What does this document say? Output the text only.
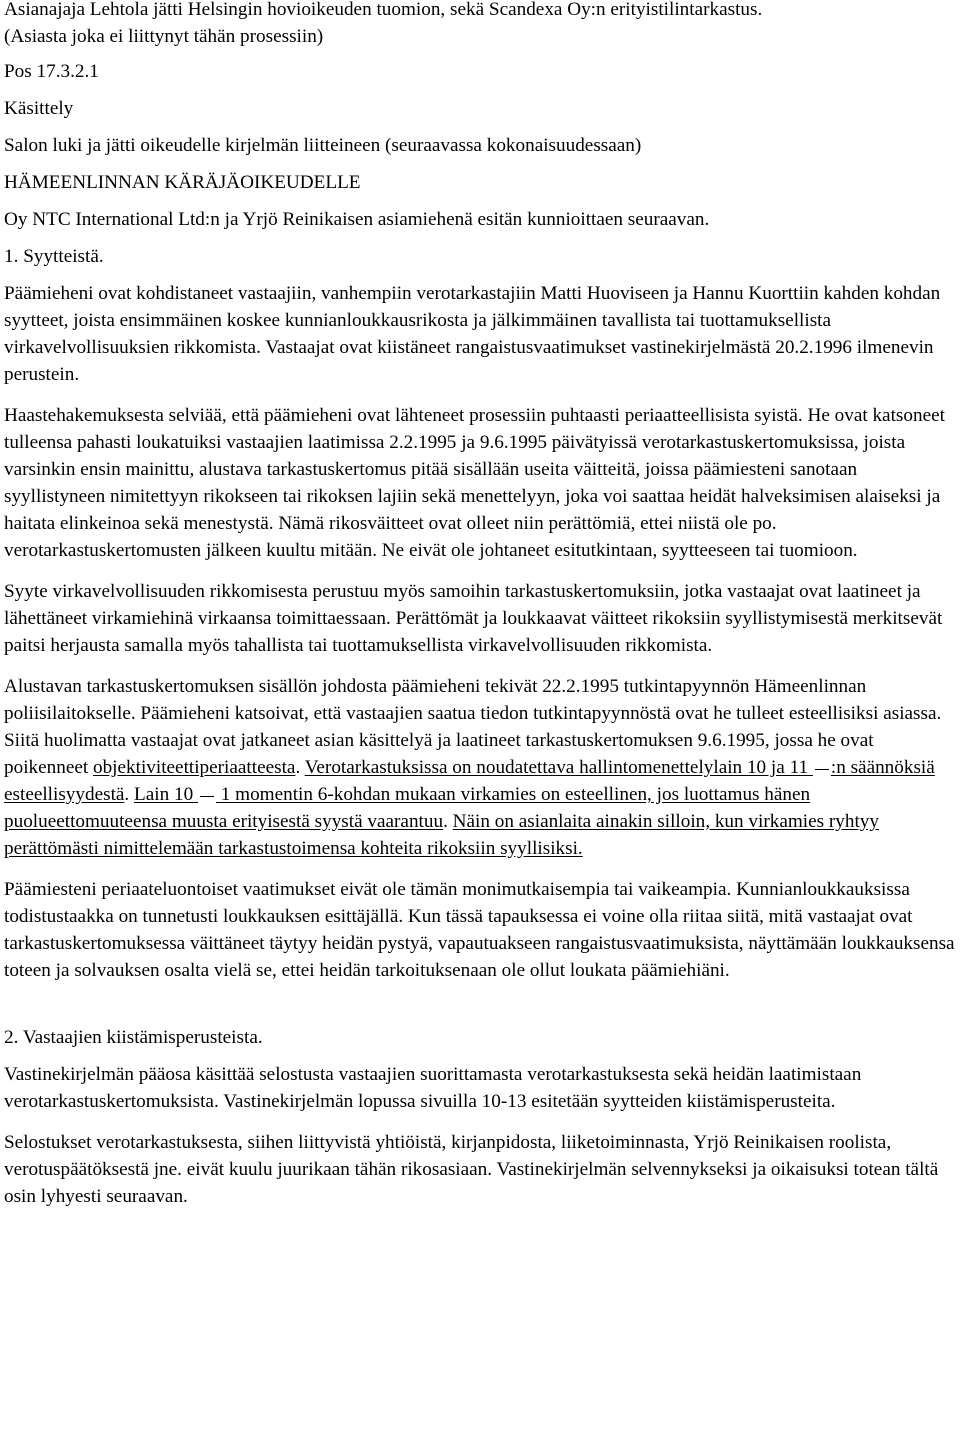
Asianajaja Lehtola jätti Helsingin hovioikeuden tuomion, sekä Scandexa Oy:n erityistilintarkastus.
(Asiasta joka ei liittynyt tähän prosessiin)

Pos 17.3.2.1

Käsittely

Salon luki ja jätti oikeudelle kirjelmän liitteineen (seuraavassa kokonaisuudessaan)

HÄMEENLINNAN KÄRÄJÄOIKEUDELLE

Oy NTC International Ltd:n ja Yrjö Reinikaisen asiamiehenä esitän kunnioittaen seuraavan.

1. Syytteistä.

Päämieheni ovat kohdistaneet vastaajiin, vanhempiin verotarkastajiin Matti Huoviseen ja Hannu Kuorttiin kahden kohdan syytteet, joista ensimmäinen koskee kunnianloukkausrikosta ja jälkimmäinen tavallista tai tuottamuksellista virkavelvollisuuksien rikkomista. Vastaajat ovat kiistäneet rangaistusvaatimukset vastinekirjelmästä 20.2.1996 ilmenevin perustein.

Haastehakemuksesta selviää, että päämieheni ovat lähteneet prosessiin puhtaasti periaatteellisista syistä. He ovat katsoneet tulleensa pahasti loukatuiksi vastaajien laatimissa 2.2.1995 ja 9.6.1995 päivätyissä verotarkastuskertomuksissa, joista varsinkin ensin mainittu, alustava tarkastuskertomus pitää sisällään useita väitteitä, joissa päämiesteni sanotaan syyllistyneen nimitettyyn rikokseen tai rikoksen lajiin sekä menettelyyn, joka voi saattaa heidät halveksimisen alaiseksi ja haitata elinkeinoa sekä menestystä. Nämä rikosväitteet ovat olleet niin perättömiä, ettei niistä ole po. verotarkastuskertomusten jälkeen kuultu mitään. Ne eivät ole johtaneet esitutkintaan, syytteeseen tai tuomioon.

Syyte virkavelvollisuuden rikkomisesta perustuu myös samoihin tarkastuskertomuksiin, jotka vastaajat ovat laatineet ja lähettäneet virkamiehinä virkaansa toimittaessaan. Perättömät ja loukkaavat väitteet rikoksiin syyllistymisestä merkitsevät paitsi herjausta samalla myös tahallista tai tuottamuksellista virkavelvollisuuden rikkomista.

Alustavan tarkastuskertomuksen sisällön johdosta päämieheni tekivät 22.2.1995 tutkintapyynnön Hämeenlinnan poliisilaitokselle. Päämieheni katsoivat, että vastaajien saatua tiedon tutkintapyynnöstä ovat he tulleet esteellisiksi asiassa. Siitä huolimatta vastaajat ovat jatkaneet asian käsittelyä ja laatineet tarkastuskertomuksen 9.6.1995, jossa he ovat poikenneet objektiviteettiperiaatteesta. Verotarkastuksissa on noudatettava hallintomenettelylain 10 ja 11 :n säännöksiä esteellisyydestä. Lain 10 1 momentin 6-kohdan mukaan virkamies on esteellinen, jos luottamus hänen puolueettomuuteensa muusta erityisestä syystä vaarantuu. Näin on asianlaita ainakin silloin, kun virkamies ryhtyy perättömästi nimittelemään tarkastustoimensa kohteita rikoksiin syyllisiksi.

Päämiesteni periaateluontoiset vaatimukset eivät ole tämän monimutkaisempia tai vaikeampia. Kunnianloukkauksissa todistustaakka on tunnetusti loukkauksen esittäjällä. Kun tässä tapauksessa ei voine olla riitaa siitä, mitä vastaajat ovat tarkastuskertomuksessa väittäneet täytyy heidän pystyä, vapautuakseen rangaistusvaatimuksista, näyttämään loukkauksensa toteen ja solvauksen osalta vielä se, ettei heidän tarkoituksenaan ole ollut loukata päämiehiäni.

2. Vastaajien kiistämisperusteista.

Vastinekirjelmän pääosa käsittää selostusta vastaajien suorittamasta verotarkastuksesta sekä heidän laatimistaan verotarkastuskertomuksista. Vastinekirjelmän lopussa sivuilla 10-13 esitetään syytteiden kiistämisperusteita.

Selostukset verotarkastuksesta, siihen liittyvistä yhtiöistä, kirjanpidosta, liiketoiminnasta, Yrjö Reinikaisen roolista, verotuspäätöksestä jne. eivät kuulu juurikaan tähän rikosasiaan. Vastinekirjelmän selvennykseksi ja oikaisuksi totean tältä osin lyhyesti seuraavan.
